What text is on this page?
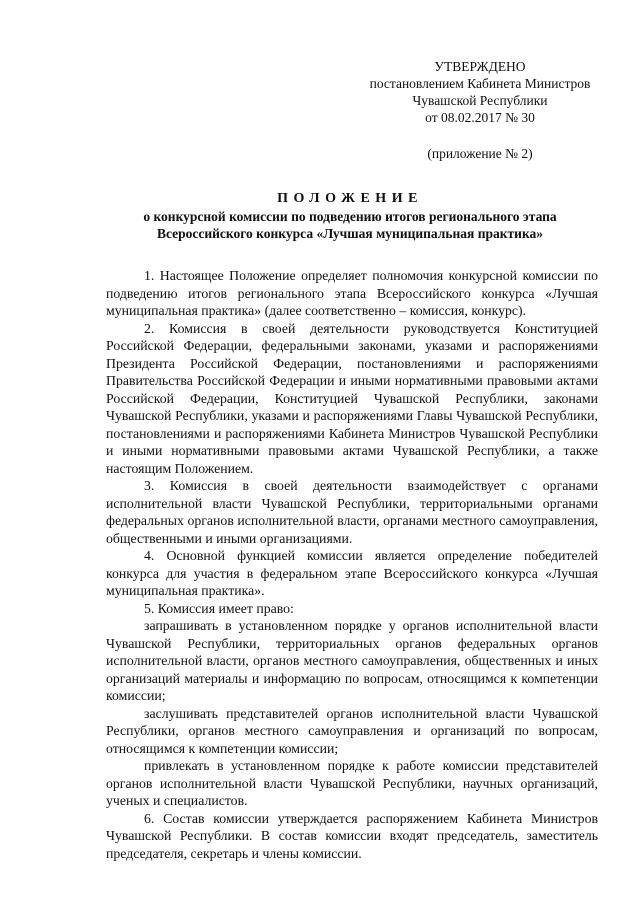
УТВЕРЖДЕНО
постановлением Кабинета Министров
Чувашской Республики
от 08.02.2017 № 30
(приложение № 2)
ПОЛОЖЕНИЕ
о конкурсной комиссии по подведению итогов регионального этапа
Всероссийского конкурса «Лучшая муниципальная практика»

1. Настоящее Положение определяет полномочия конкурсной комиссии по подведению итогов регионального этапа Всероссийского конкурса «Лучшая муниципальная практика» (далее соответственно – комиссия, конкурс).

2. Комиссия в своей деятельности руководствуется Конституцией Российской Федерации, федеральными законами, указами и распоряжениями Президента Российской Федерации, постановлениями и распоряжениями Правительства Российской Федерации и иными нормативными правовыми актами Российской Федерации, Конституцией Чувашской Республики, законами Чувашской Республики, указами и распоряжениями Главы Чувашской Республики, постановлениями и распоряжениями Кабинета Министров Чувашской Республики и иными нормативными правовыми актами Чувашской Республики, а также настоящим Положением.

3. Комиссия в своей деятельности взаимодействует с органами исполнительной власти Чувашской Республики, территориальными органами федеральных органов исполнительной власти, органами местного самоуправления, общественными и иными организациями.

4. Основной функцией комиссии является определение победителей конкурса для участия в федеральном этапе Всероссийского конкурса «Лучшая муниципальная практика».

5. Комиссия имеет право:

запрашивать в установленном порядке у органов исполнительной власти Чувашской Республики, территориальных органов федеральных органов исполнительной власти, органов местного самоуправления, общественных и иных организаций материалы и информацию по вопросам, относящимся к компетенции комиссии;

заслушивать представителей органов исполнительной власти Чувашской Республики, органов местного самоуправления и организаций по вопросам, относящимся к компетенции комиссии;

привлекать в установленном порядке к работе комиссии представителей органов исполнительной власти Чувашской Республики, научных организаций, ученых и специалистов.

6. Состав комиссии утверждается распоряжением Кабинета Министров Чувашской Республики. В состав комиссии входят председатель, заместитель председателя, секретарь и члены комиссии.
